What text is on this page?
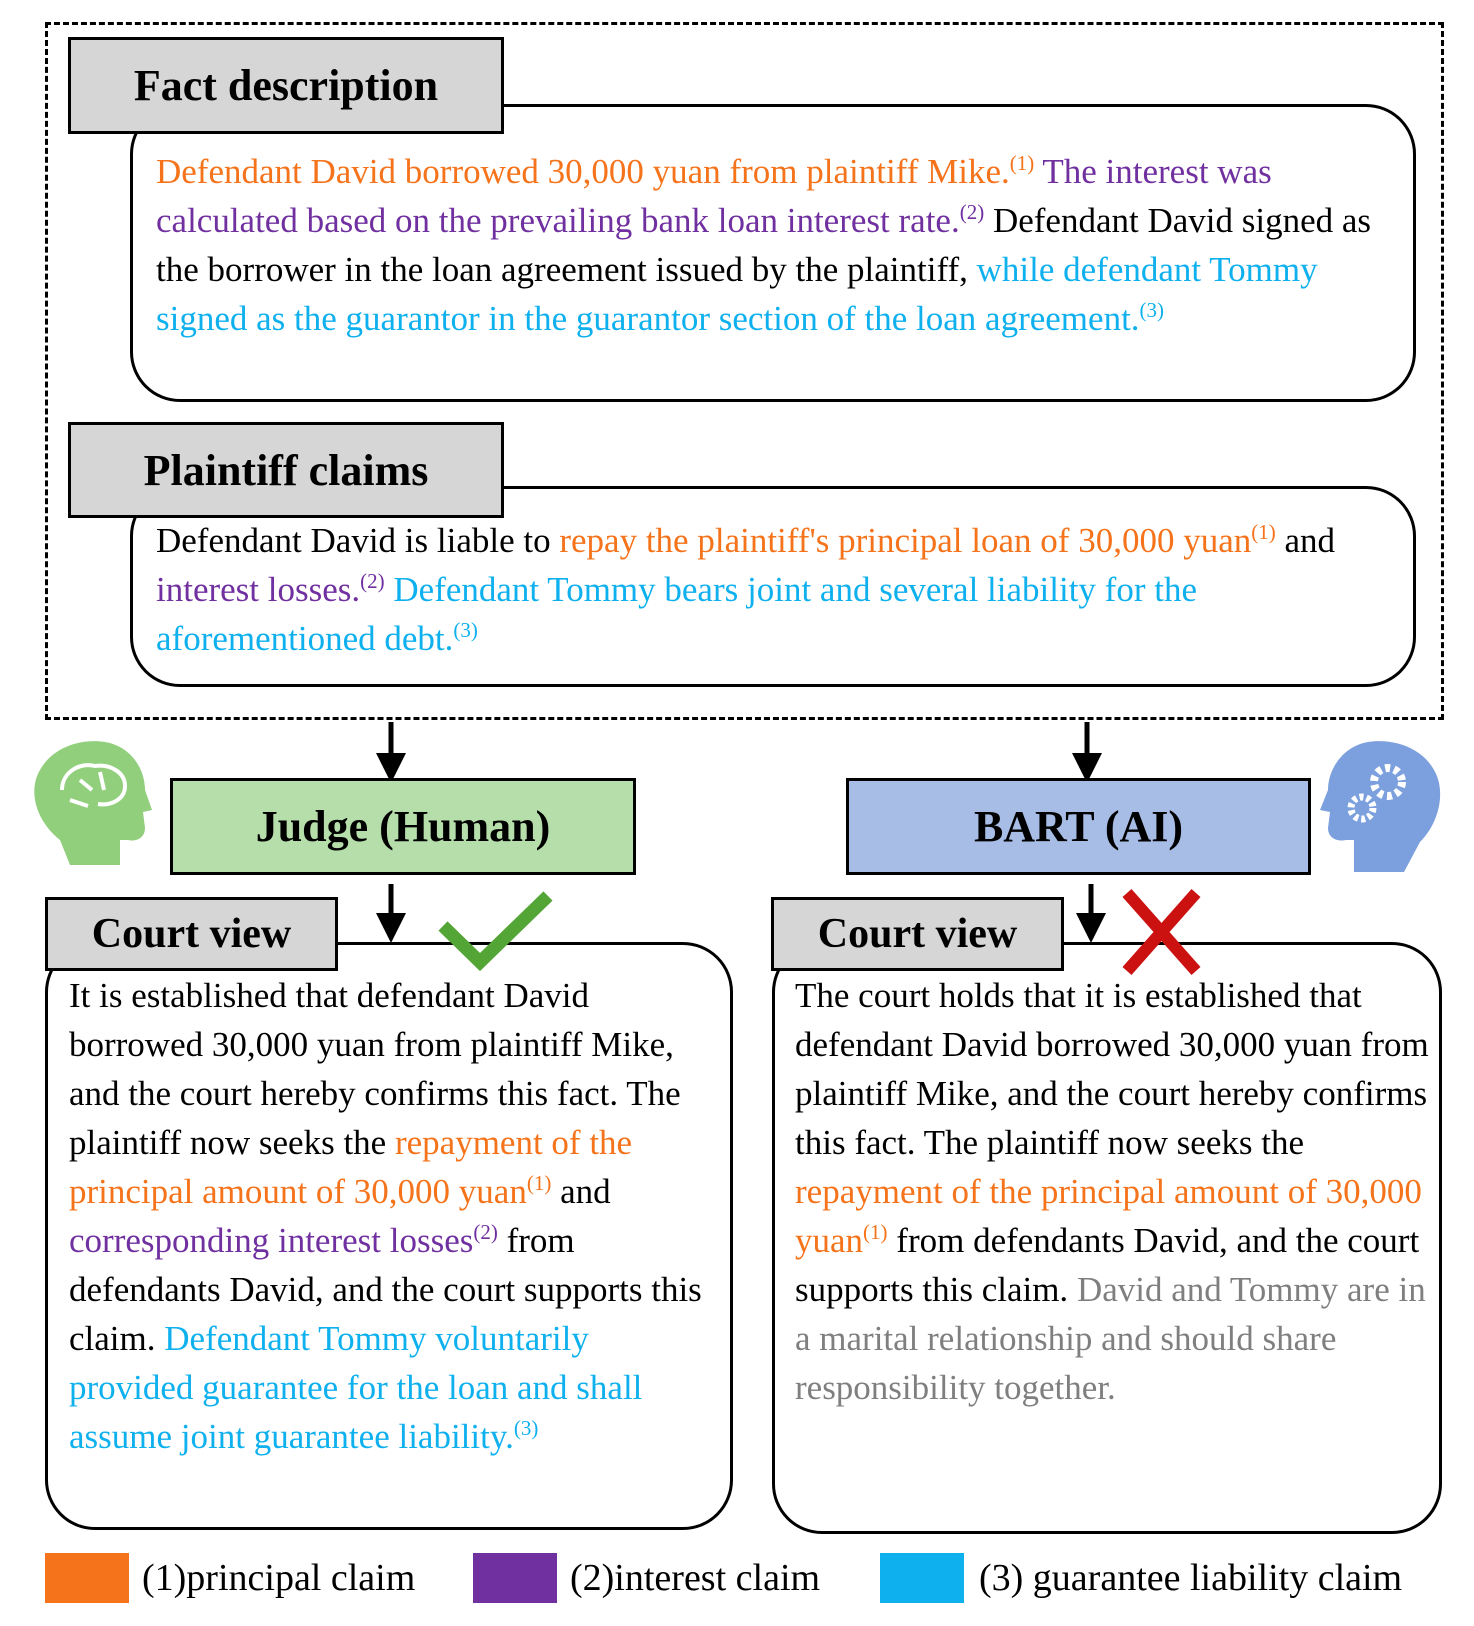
Fact description
Defendant David borrowed 30,000 yuan from plaintiff Mike.$^{(1)}$ The interest was calculated based on the prevailing bank loan interest rate.$^{(2)}$ Defendant David signed as the borrower in the loan agreement issued by the plaintiff, while defendant Tommy signed as the guarantor in the guarantor section of the loan agreement.$^{(3)}$
Plaintiff claims
Defendant David is liable to repay the plaintiff's principal loan of 30,000 yuan$^{(1)}$ and interest losses.$^{(2)}$ Defendant Tommy bears joint and several liability for the aforementioned debt.$^{(3)}$
Judge (Human)	BART (AI)
Court view
It is established that defendant David borrowed 30,000 yuan from plaintiff Mike, and the court hereby confirms this fact. The plaintiff now seeks the repayment of the principal amount of 30,000 yuan$^{(1)}$ and corresponding interest losses$^{(2)}$ from defendants David, and the court supports this claim. Defendant Tommy voluntarily provided guarantee for the loan and shall assume joint guarantee liability.$^{(3)}$
Court view
The court holds that it is established that defendant David borrowed 30,000 yuan from plaintiff Mike, and the court hereby confirms this fact. The plaintiff now seeks the repayment of the principal amount of 30,000 yuan$^{(1)}$ from defendants David, and the court supports this claim. David and Tommy are in a marital relationship and should share responsibility together.
(1)principal claim	(2)interest claim	(3) guarantee liability claim
